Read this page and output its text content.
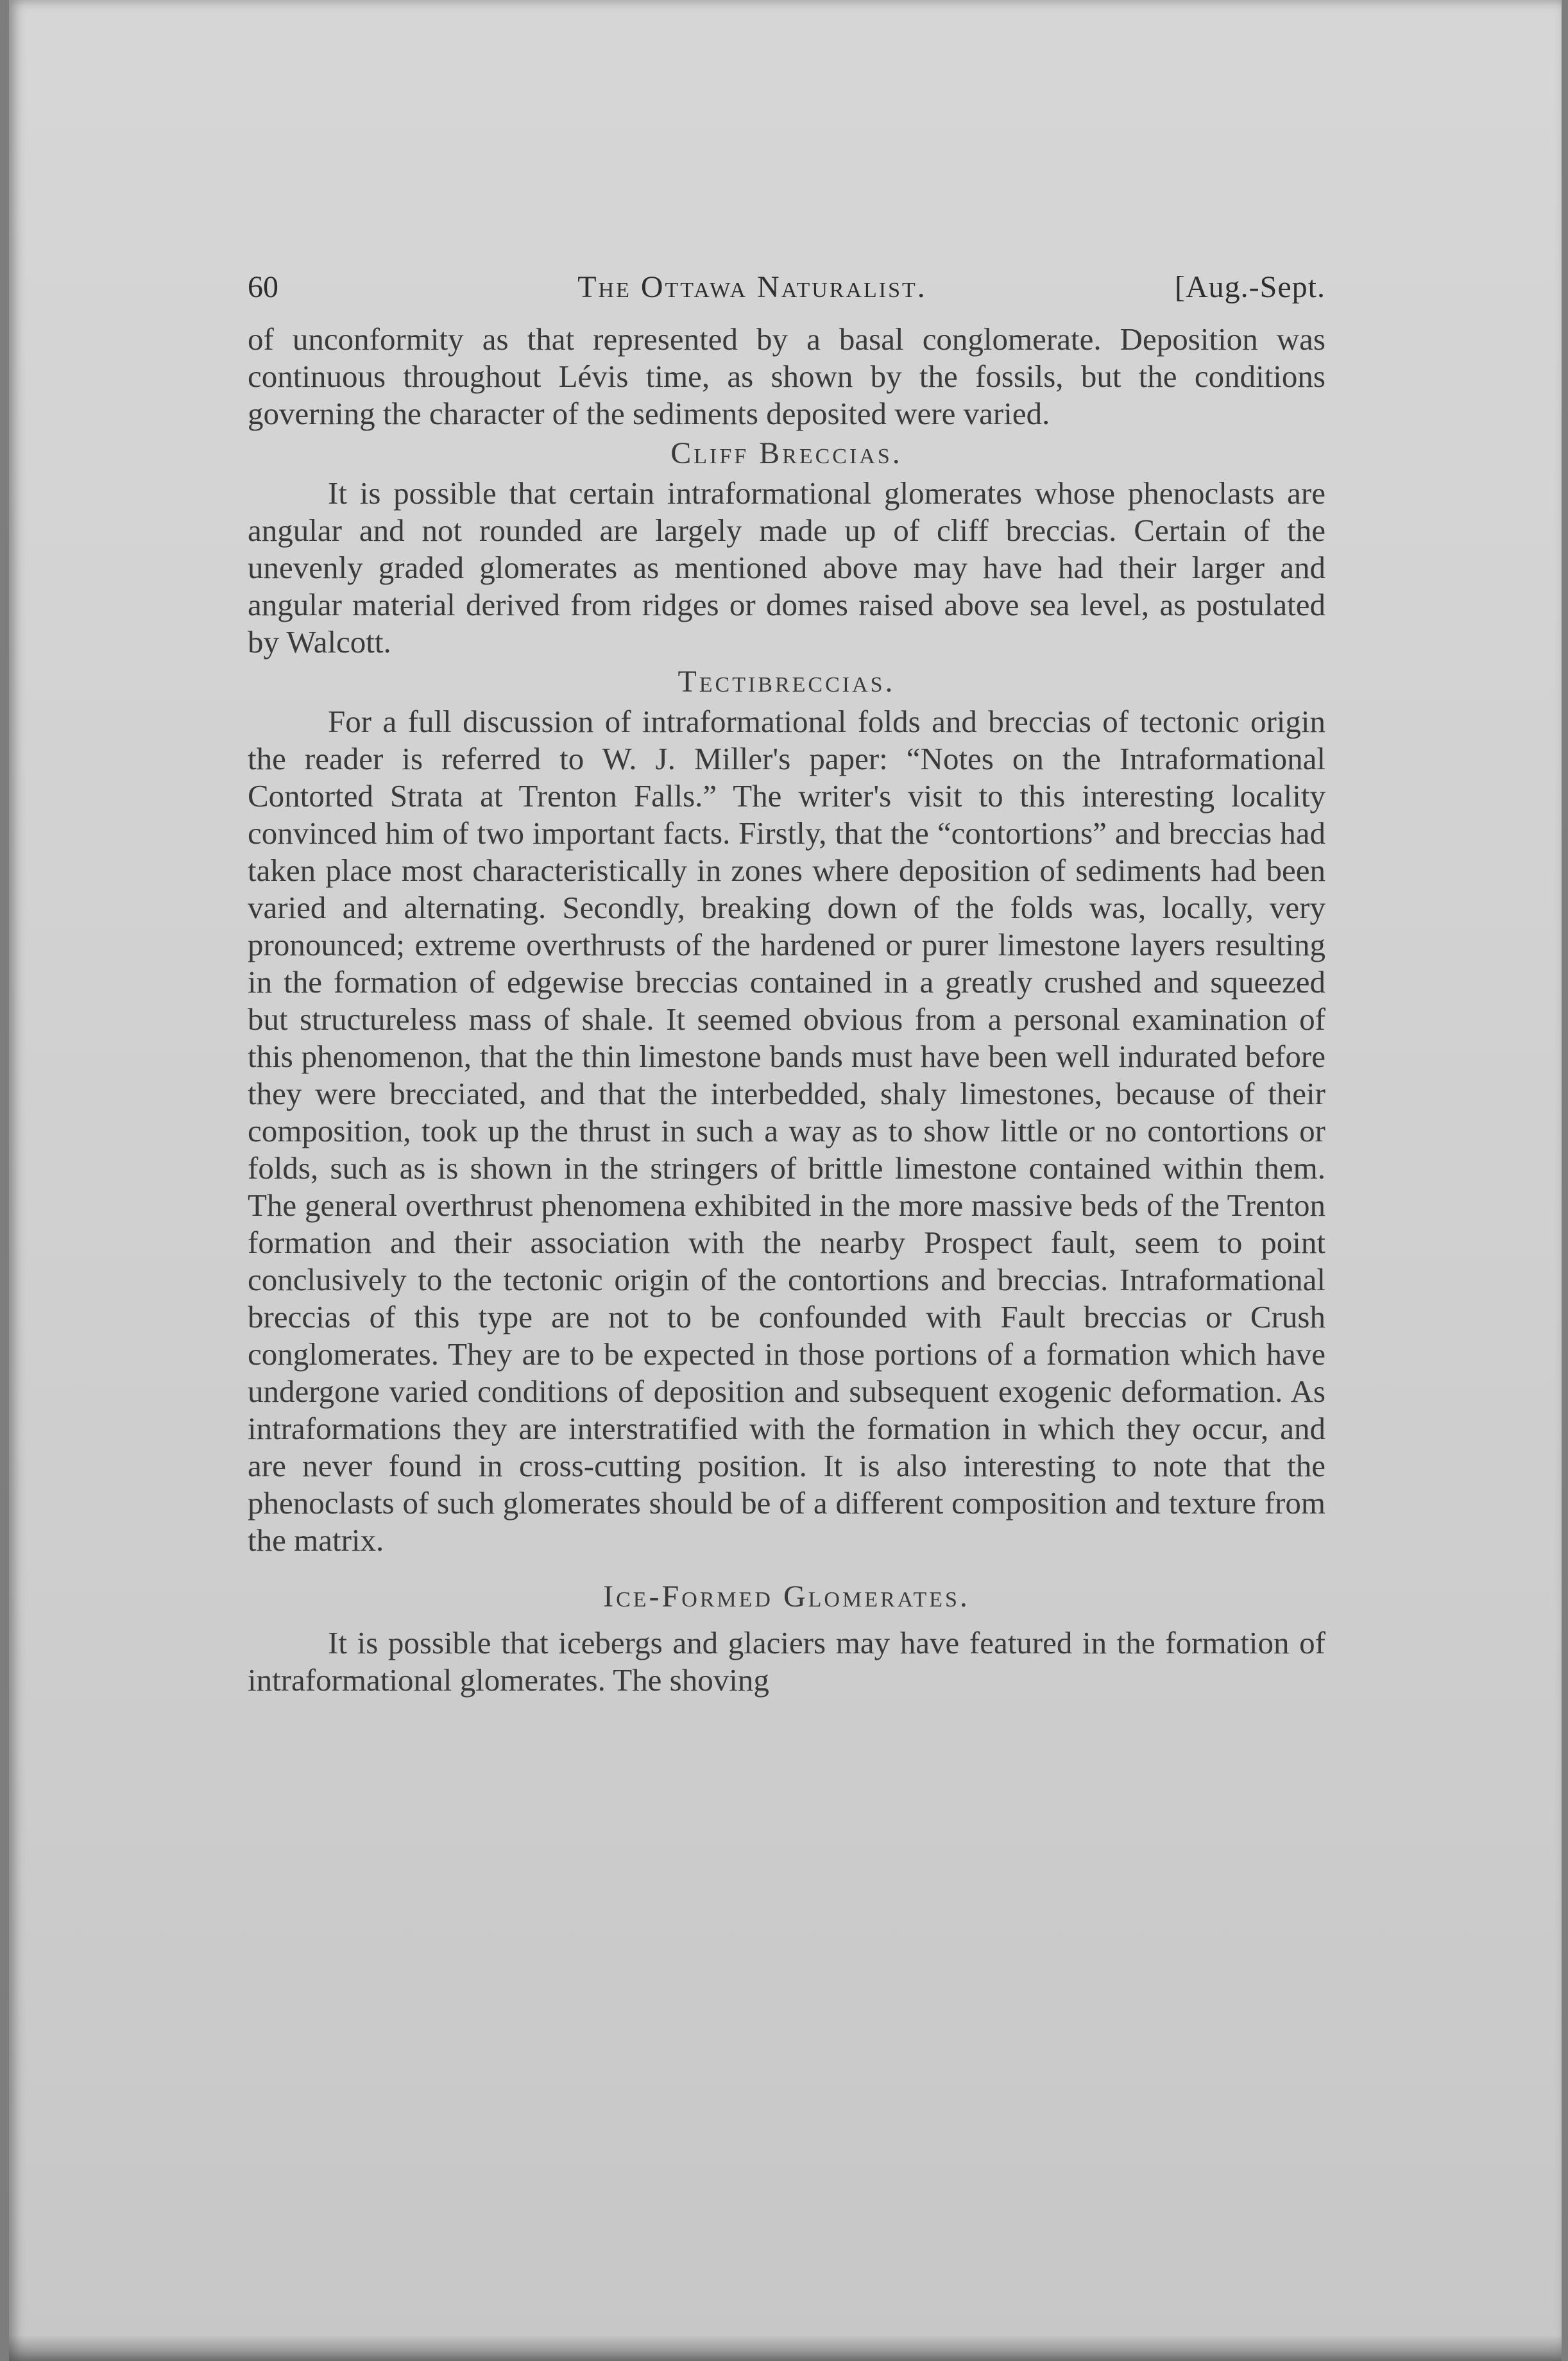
60	The Ottawa Naturalist.	[Aug.-Sept.

of unconformity as that represented by a basal conglomerate. Deposition was continuous throughout Lévis time, as shown by the fossils, but the conditions governing the character of the sediments deposited were varied.

Cliff Breccias.

It is possible that certain intraformational glomerates whose phenoclasts are angular and not rounded are largely made up of cliff breccias. Certain of the unevenly graded glomerates as mentioned above may have had their larger and angular material derived from ridges or domes raised above sea level, as postulated by Walcott.

Tectibreccias.

For a full discussion of intraformational folds and breccias of tectonic origin the reader is referred to W. J. Miller's paper: “Notes on the Intraformational Contorted Strata at Trenton Falls.” The writer's visit to this interesting locality convinced him of two important facts. Firstly, that the “contortions” and breccias had taken place most characteristically in zones where deposition of sediments had been varied and alternating. Secondly, breaking down of the folds was, locally, very pronounced; extreme overthrusts of the hardened or purer limestone layers resulting in the formation of edgewise breccias contained in a greatly crushed and squeezed but structureless mass of shale. It seemed obvious from a personal examination of this phenomenon, that the thin limestone bands must have been well indurated before they were brecciated, and that the interbedded, shaly limestones, because of their composition, took up the thrust in such a way as to show little or no contortions or folds, such as is shown in the stringers of brittle limestone contained within them. The general overthrust phenomena exhibited in the more massive beds of the Trenton formation and their association with the nearby Prospect fault, seem to point conclusively to the tectonic origin of the contortions and breccias. Intraformational breccias of this type are not to be confounded with Fault breccias or Crush conglomerates. They are to be expected in those portions of a formation which have undergone varied conditions of deposition and subsequent exogenic deformation. As intraformations they are interstratified with the formation in which they occur, and are never found in cross-cutting position. It is also interesting to note that the phenoclasts of such glomerates should be of a different composition and texture from the matrix.

Ice-Formed Glomerates.

It is possible that icebergs and glaciers may have featured in the formation of intraformational glomerates. The shoving
